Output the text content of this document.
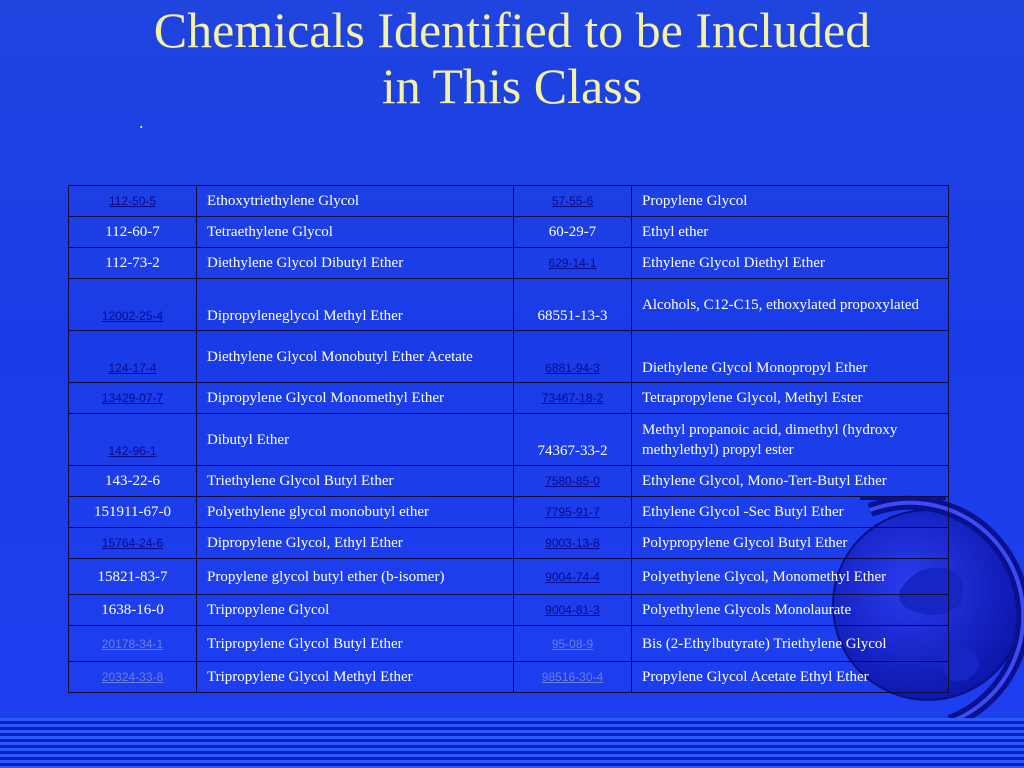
Chemicals Identified to be Included
in This Class
.
112-50-5	Ethoxytriethylene Glycol	57-55-6	Propylene Glycol
112-60-7	Tetraethylene Glycol	60-29-7	Ethyl ether
112-73-2	Diethylene Glycol Dibutyl Ether	629-14-1	Ethylene Glycol Diethyl Ether
12002-25-4	Dipropyleneglycol Methyl Ether	68551-13-3	Alcohols, C12-C15, ethoxylated propoxylated
124-17-4	Diethylene Glycol Monobutyl Ether Acetate	6881-94-3	Diethylene Glycol Monopropyl Ether
13429-07-7	Dipropylene Glycol Monomethyl Ether	73467-18-2	Tetrapropylene Glycol, Methyl Ester
142-96-1	Dibutyl Ether	74367-33-2	Methyl propanoic acid, dimethyl (hydroxy methylethyl) propyl ester
143-22-6	Triethylene Glycol Butyl Ether	7580-85-0	Ethylene Glycol, Mono-Tert-Butyl Ether
151911-67-0	Polyethylene glycol monobutyl ether	7795-91-7	Ethylene Glycol -Sec Butyl Ether
15764-24-6	Dipropylene Glycol, Ethyl Ether	9003-13-8	Polypropylene Glycol Butyl Ether
15821-83-7	Propylene glycol butyl ether (b-isomer)	9004-74-4	Polyethylene Glycol, Monomethyl Ether
1638-16-0	Tripropylene Glycol	9004-81-3	Polyethylene Glycols Monolaurate
20178-34-1	Tripropylene Glycol Butyl Ether	95-08-9	Bis (2-Ethylbutyrate) Triethylene Glycol
20324-33-8	Tripropylene Glycol Methyl Ether	98516-30-4	Propylene Glycol Acetate Ethyl Ether
